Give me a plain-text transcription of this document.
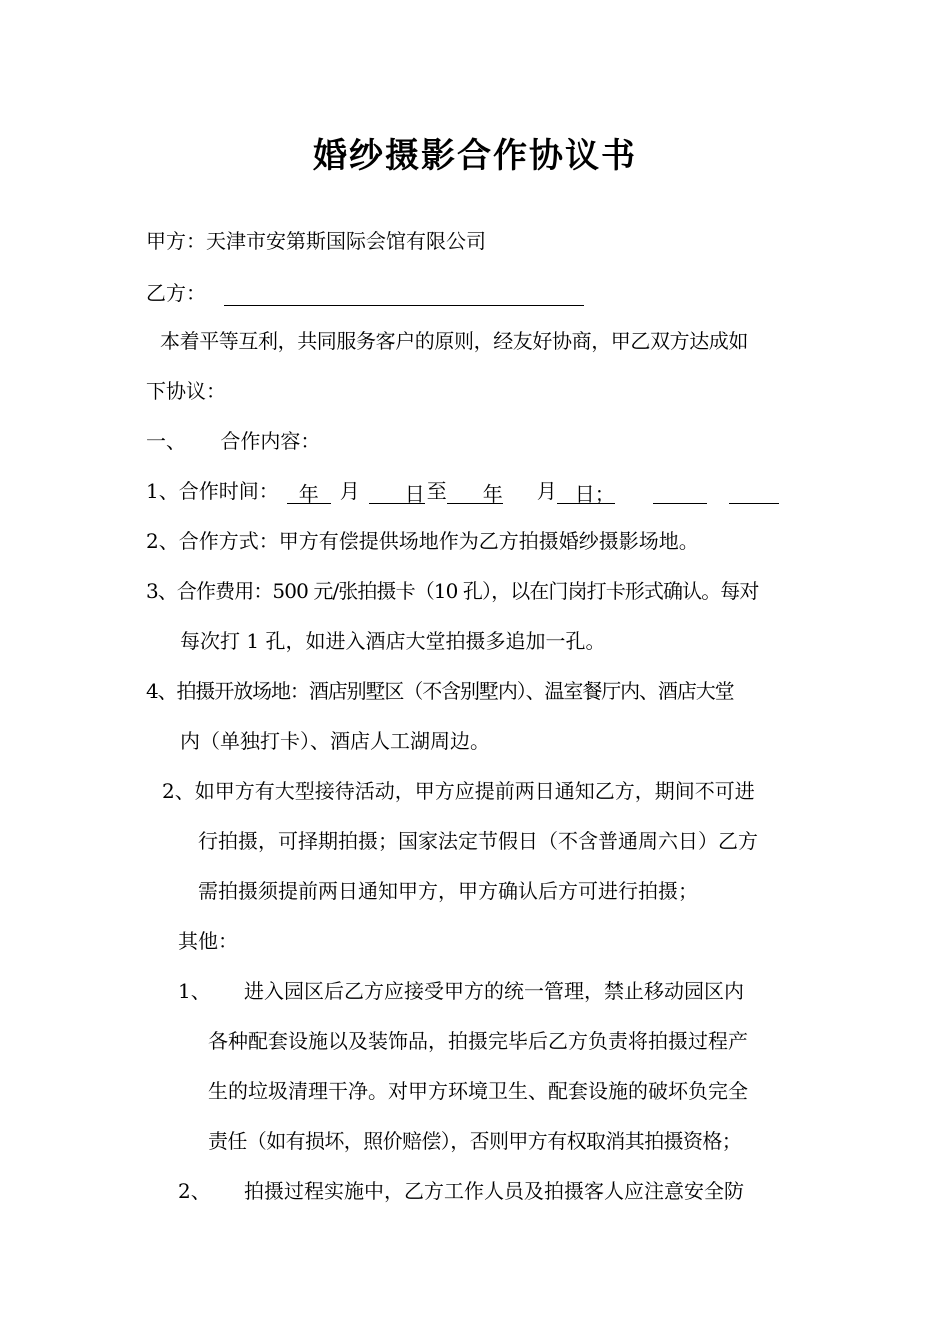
婚纱摄影合作协议书
甲方：天津市安第斯国际会馆有限公司
乙方：
本着平等互利，共同服务客户的原则，经友好协商，甲乙双方达成如
下协议：
一、 合作内容：
1、合作时间： 年 月 日 至 年 月 日；
2、合作方式：甲方有偿提供场地作为乙方拍摄婚纱摄影场地。
3、合作费用：500 元/张拍摄卡（10 孔），以在门岗打卡形式确认。每对
每次打 1 孔，如进入酒店大堂拍摄多追加一孔。
4、拍摄开放场地：酒店别墅区（不含别墅内）、温室餐厅内、酒店大堂
内（单独打卡）、酒店人工湖周边。
2、如甲方有大型接待活动，甲方应提前两日通知乙方，期间不可进
行拍摄，可择期拍摄；国家法定节假日（不含普通周六日）乙方
需拍摄须提前两日通知甲方，甲方确认后方可进行拍摄；
其他：
1、 进入园区后乙方应接受甲方的统一管理，禁止移动园区内
各种配套设施以及装饰品，拍摄完毕后乙方负责将拍摄过程产
生的垃圾清理干净。对甲方环境卫生、配套设施的破坏负完全
责任（如有损坏，照价赔偿），否则甲方有权取消其拍摄资格；
2、 拍摄过程实施中，乙方工作人员及拍摄客人应注意安全防
